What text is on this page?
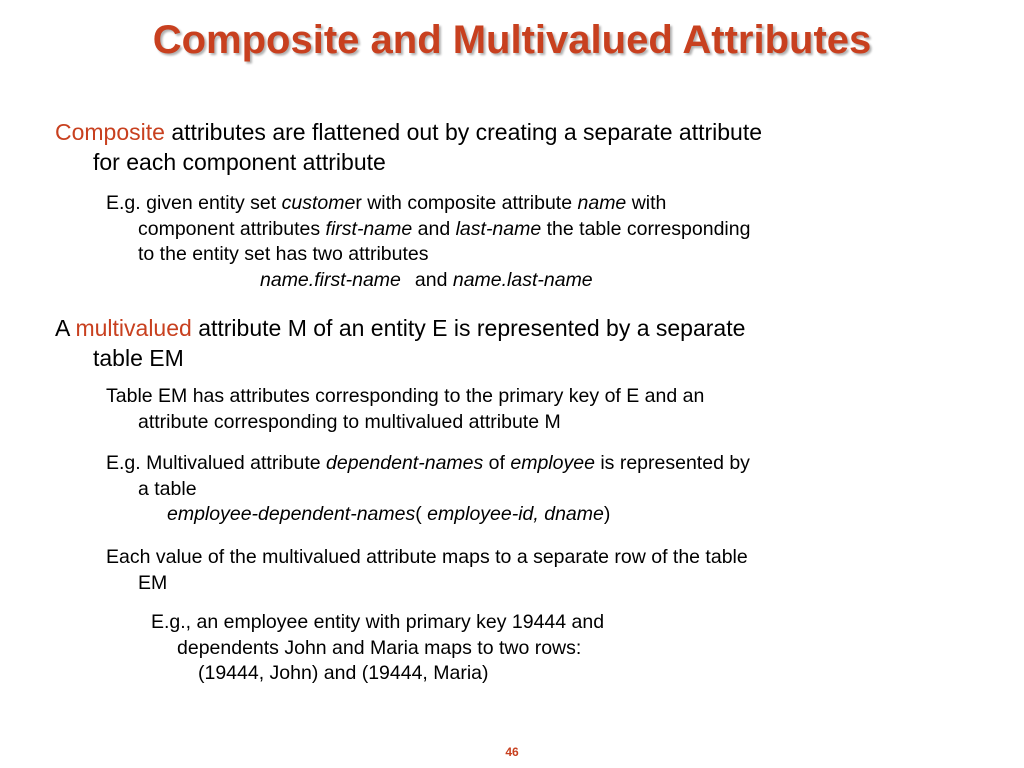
Composite and Multivalued Attributes
Composite attributes are flattened out by creating a separate attribute
for each component attribute
E.g. given entity set customer with composite attribute name with
component attributes first-name and last-name the table corresponding
to the entity set has two attributes
name.first-name and name.last-name
A multivalued attribute M of an entity E is represented by a separate
table EM
Table EM has attributes corresponding to the primary key of E and an
attribute corresponding to multivalued attribute M
E.g. Multivalued attribute dependent-names of employee is represented by
a table
employee-dependent-names( employee-id, dname)
Each value of the multivalued attribute maps to a separate row of the table
EM
E.g., an employee entity with primary key 19444 and
dependents John and Maria maps to two rows:
(19444, John) and (19444, Maria)
46
